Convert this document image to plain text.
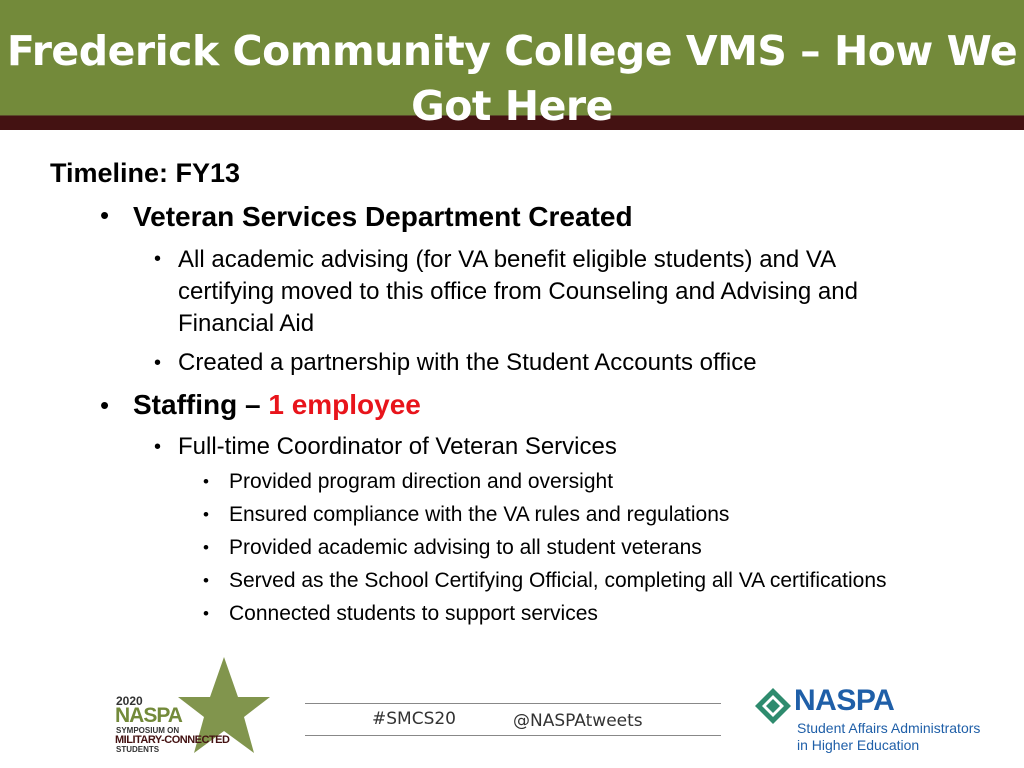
Frederick Community College VMS – How We Got Here
Timeline: FY13
• Veteran Services Department Created
• All academic advising (for VA benefit eligible students) and VA
certifying moved to this office from Counseling and Advising and
Financial Aid
• Created a partnership with the Student Accounts office
• Staffing – 1 employee
• Full-time Coordinator of Veteran Services
• Provided program direction and oversight
• Ensured compliance with the VA rules and regulations
• Provided academic advising to all student veterans
• Served as the School Certifying Official, completing all VA certifications
• Connected students to support services
2020
NASPA
SYMPOSIUM ON
MILITARY-CONNECTED
STUDENTS
#SMCS20	@NASPAtweets
NASPA
Student Affairs Administrators
in Higher Education
